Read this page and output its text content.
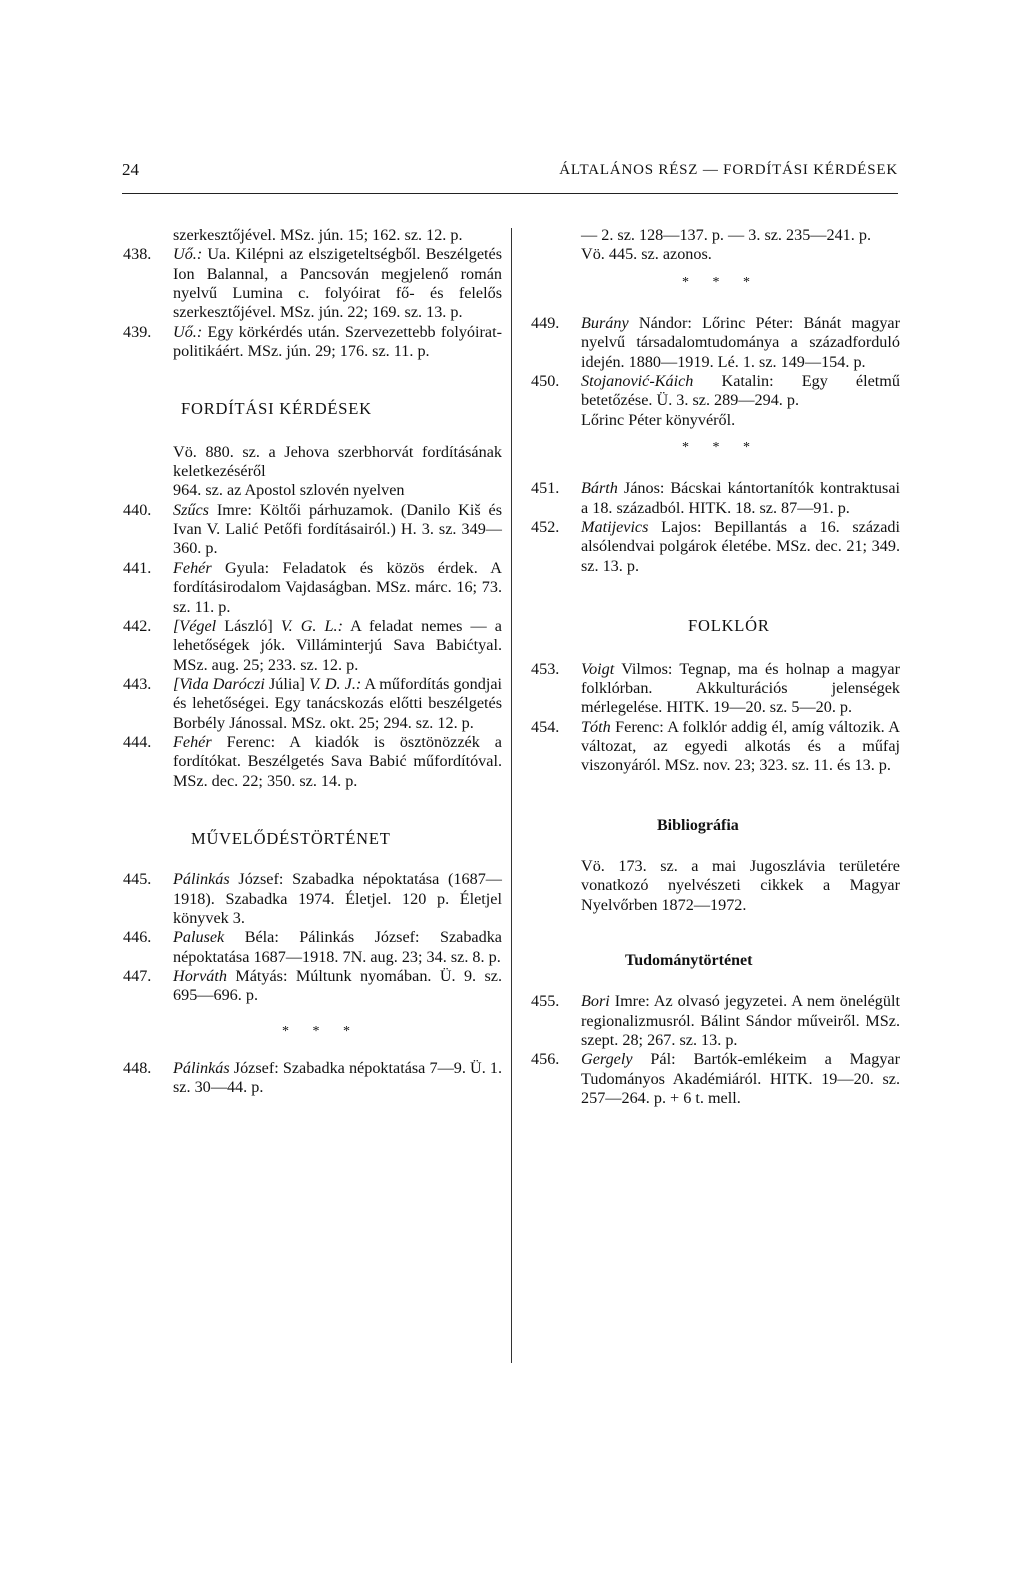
24	ÁLTALÁNOS RÉSZ — FORDÍTÁSI KÉRDÉSEK
szerkesztőjével. MSz. jún. 15; 162. sz. 12. p.
438. Uő.: Ua. Kilépni az elszigeteltségből. Beszélgetés Ion Balannal, a Pancsován megjelenő román nyelvű Lumina c. folyóirat fő- és felelős szerkesztőjével. MSz. jún. 22; 169. sz. 13. p.
439. Uő.: Egy körkérdés után. Szervezettebb folyóirat-politikáért. MSz. jún. 29; 176. sz. 11. p.

FORDÍTÁSI KÉRDÉSEK

Vö. 880. sz. a Jehova szerbhorvát fordításának keletkezéséről
964. sz. az Apostol szlovén nyelven
440. Szűcs Imre: Költői párhuzamok. (Danilo Kiš és Ivan V. Lalić Petőfi fordításairól.) H. 3. sz. 349—360. p.
441. Fehér Gyula: Feladatok és közös érdek. A fordításirodalom Vajdaságban. MSz. márc. 16; 73. sz. 11. p.
442. [Végel László] V. G. L.: A feladat nemes — a lehetőségek jók. Villáminterjú Sava Babićtyal. MSz. aug. 25; 233. sz. 12. p.
443. [Vida Daróczi Júlia] V. D. J.: A műfordítás gondjai és lehetőségei. Egy tanácskozás előtti beszélgetés Borbély Jánossal. MSz. okt. 25; 294. sz. 12. p.
444. Fehér Ferenc: A kiadók is ösztönözzék a fordítókat. Beszélgetés Sava Babić műfordítóval. MSz. dec. 22; 350. sz. 14. p.

MŰVELŐDÉSTÖRTÉNET

445. Pálinkás József: Szabadka népoktatása (1687—1918). Szabadka 1974. Életjel. 120 p. Életjel könyvek 3.
446. Palusek Béla: Pálinkás József: Szabadka népoktatása 1687—1918. 7N. aug. 23; 34. sz. 8. p.
447. Horváth Mátyás: Múltunk nyomában. Ü. 9. sz. 695—696. p.

* * *

448. Pálinkás József: Szabadka népoktatása 7—9. Ü. 1. sz. 30—44. p.
— 2. sz. 128—137. p. — 3. sz. 235—241. p.
Vö. 445. sz. azonos.

* * *

449. Burány Nándor: Lőrinc Péter: Bánát magyar nyelvű társadalomtudománya a századforduló idején. 1880—1919. Lé. 1. sz. 149—154. p.
450. Stojanović-Káich Katalin: Egy életmű betetőzése. Ü. 3. sz. 289—294. p.
Lőrinc Péter könyvéről.

* * *

451. Bárth János: Bácskai kántortanítók kontraktusai a 18. századból. HITK. 18. sz. 87—91. p.
452. Matijevics Lajos: Bepillantás a 16. századi alsólendvai polgárok életébe. MSz. dec. 21; 349. sz. 13. p.

FOLKLÓR

453. Voigt Vilmos: Tegnap, ma és holnap a magyar folklórban. Akkulturációs jelenségek mérlegelése. HITK. 19—20. sz. 5—20. p.
454. Tóth Ferenc: A folklór addig él, amíg változik. A változat, az egyedi alkotás és a műfaj viszonyáról. MSz. nov. 23; 323. sz. 11. és 13. p.

Bibliográfia

Vö. 173. sz. a mai Jugoszlávia területére vonatkozó nyelvészeti cikkek a Magyar Nyelvőrben 1872—1972.

Tudománytörténet

455. Bori Imre: Az olvasó jegyzetei. A nem önelégült regionalizmusról. Bálint Sándor műveiről. MSz. szept. 28; 267. sz. 13. p.
456. Gergely Pál: Bartók-emlékeim a Magyar Tudományos Akadémiáról. HITK. 19—20. sz. 257—264. p. + 6 t. mell.
